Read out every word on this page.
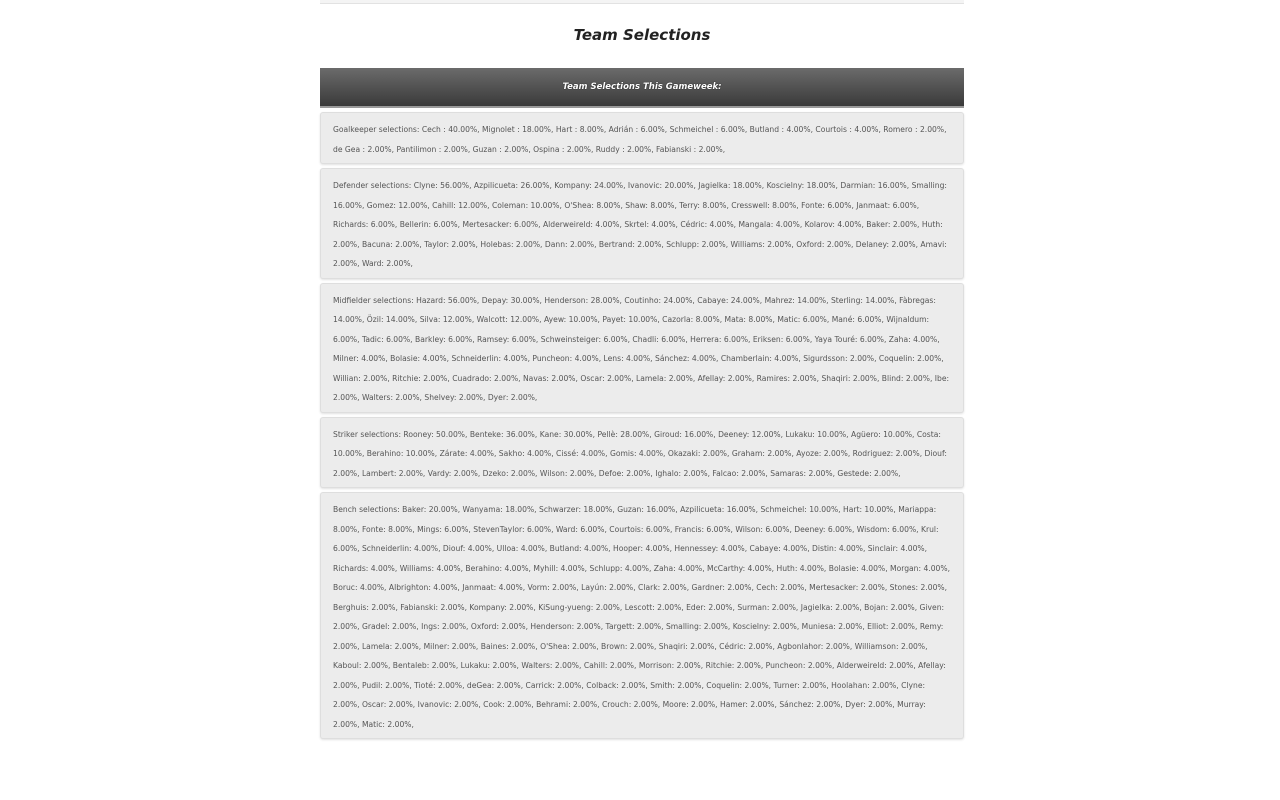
Team Selections
Team Selections This Gameweek:
Goalkeeper selections: Cech : 40.00%, Mignolet : 18.00%, Hart : 8.00%, Adrián : 6.00%, Schmeichel : 6.00%, Butland : 4.00%, Courtois : 4.00%, Romero : 2.00%, de Gea : 2.00%, Pantilimon : 2.00%, Guzan : 2.00%, Ospina : 2.00%, Ruddy : 2.00%, Fabianski : 2.00%,
Defender selections: Clyne: 56.00%, Azpilicueta: 26.00%, Kompany: 24.00%, Ivanovic: 20.00%, Jagielka: 18.00%, Koscielny: 18.00%, Darmian: 16.00%, Smalling: 16.00%, Gomez: 12.00%, Cahill: 12.00%, Coleman: 10.00%, O'Shea: 8.00%, Shaw: 8.00%, Terry: 8.00%, Cresswell: 8.00%, Fonte: 6.00%, Janmaat: 6.00%, Richards: 6.00%, Bellerin: 6.00%, Mertesacker: 6.00%, Alderweireld: 4.00%, Skrtel: 4.00%, Cédric: 4.00%, Mangala: 4.00%, Kolarov: 4.00%, Baker: 2.00%, Huth: 2.00%, Bacuna: 2.00%, Taylor: 2.00%, Holebas: 2.00%, Dann: 2.00%, Bertrand: 2.00%, Schlupp: 2.00%, Williams: 2.00%, Oxford: 2.00%, Delaney: 2.00%, Amavi: 2.00%, Ward: 2.00%,
Midfielder selections: Hazard: 56.00%, Depay: 30.00%, Henderson: 28.00%, Coutinho: 24.00%, Cabaye: 24.00%, Mahrez: 14.00%, Sterling: 14.00%, Fàbregas: 14.00%, Özil: 14.00%, Silva: 12.00%, Walcott: 12.00%, Ayew: 10.00%, Payet: 10.00%, Cazorla: 8.00%, Mata: 8.00%, Matic: 6.00%, Mané: 6.00%, Wijnaldum: 6.00%, Tadic: 6.00%, Barkley: 6.00%, Ramsey: 6.00%, Schweinsteiger: 6.00%, Chadli: 6.00%, Herrera: 6.00%, Eriksen: 6.00%, Yaya Touré: 6.00%, Zaha: 4.00%, Milner: 4.00%, Bolasie: 4.00%, Schneiderlin: 4.00%, Puncheon: 4.00%, Lens: 4.00%, Sánchez: 4.00%, Chamberlain: 4.00%, Sigurdsson: 2.00%, Coquelin: 2.00%, Willian: 2.00%, Ritchie: 2.00%, Cuadrado: 2.00%, Navas: 2.00%, Oscar: 2.00%, Lamela: 2.00%, Afellay: 2.00%, Ramires: 2.00%, Shaqiri: 2.00%, Blind: 2.00%, Ibe: 2.00%, Walters: 2.00%, Shelvey: 2.00%, Dyer: 2.00%,
Striker selections: Rooney: 50.00%, Benteke: 36.00%, Kane: 30.00%, Pellè: 28.00%, Giroud: 16.00%, Deeney: 12.00%, Lukaku: 10.00%, Agüero: 10.00%, Costa: 10.00%, Berahino: 10.00%, Zárate: 4.00%, Sakho: 4.00%, Cissé: 4.00%, Gomis: 4.00%, Okazaki: 2.00%, Graham: 2.00%, Ayoze: 2.00%, Rodriguez: 2.00%, Diouf: 2.00%, Lambert: 2.00%, Vardy: 2.00%, Dzeko: 2.00%, Wilson: 2.00%, Defoe: 2.00%, Ighalo: 2.00%, Falcao: 2.00%, Samaras: 2.00%, Gestede: 2.00%,
Bench selections: Baker: 20.00%, Wanyama: 18.00%, Schwarzer: 18.00%, Guzan: 16.00%, Azpilicueta: 16.00%, Schmeichel: 10.00%, Hart: 10.00%, Mariappa: 8.00%, Fonte: 8.00%, Mings: 6.00%, StevenTaylor: 6.00%, Ward: 6.00%, Courtois: 6.00%, Francis: 6.00%, Wilson: 6.00%, Deeney: 6.00%, Wisdom: 6.00%, Krul: 6.00%, Schneiderlin: 4.00%, Diouf: 4.00%, Ulloa: 4.00%, Butland: 4.00%, Hooper: 4.00%, Hennessey: 4.00%, Cabaye: 4.00%, Distin: 4.00%, Sinclair: 4.00%, Richards: 4.00%, Williams: 4.00%, Berahino: 4.00%, Myhill: 4.00%, Schlupp: 4.00%, Zaha: 4.00%, McCarthy: 4.00%, Huth: 4.00%, Bolasie: 4.00%, Morgan: 4.00%, Boruc: 4.00%, Albrighton: 4.00%, Janmaat: 4.00%, Vorm: 2.00%, Layún: 2.00%, Clark: 2.00%, Gardner: 2.00%, Cech: 2.00%, Mertesacker: 2.00%, Stones: 2.00%, Berghuis: 2.00%, Fabianski: 2.00%, Kompany: 2.00%, KiSung-yueng: 2.00%, Lescott: 2.00%, Eder: 2.00%, Surman: 2.00%, Jagielka: 2.00%, Bojan: 2.00%, Given: 2.00%, Gradel: 2.00%, Ings: 2.00%, Oxford: 2.00%, Henderson: 2.00%, Targett: 2.00%, Smalling: 2.00%, Koscielny: 2.00%, Muniesa: 2.00%, Elliot: 2.00%, Remy: 2.00%, Lamela: 2.00%, Milner: 2.00%, Baines: 2.00%, O'Shea: 2.00%, Brown: 2.00%, Shaqiri: 2.00%, Cédric: 2.00%, Agbonlahor: 2.00%, Williamson: 2.00%, Kaboul: 2.00%, Bentaleb: 2.00%, Lukaku: 2.00%, Walters: 2.00%, Cahill: 2.00%, Morrison: 2.00%, Ritchie: 2.00%, Puncheon: 2.00%, Alderweireld: 2.00%, Afellay: 2.00%, Pudil: 2.00%, Tioté: 2.00%, deGea: 2.00%, Carrick: 2.00%, Colback: 2.00%, Smith: 2.00%, Coquelin: 2.00%, Turner: 2.00%, Hoolahan: 2.00%, Clyne: 2.00%, Oscar: 2.00%, Ivanovic: 2.00%, Cook: 2.00%, Behrami: 2.00%, Crouch: 2.00%, Moore: 2.00%, Hamer: 2.00%, Sánchez: 2.00%, Dyer: 2.00%, Murray: 2.00%, Matic: 2.00%,
